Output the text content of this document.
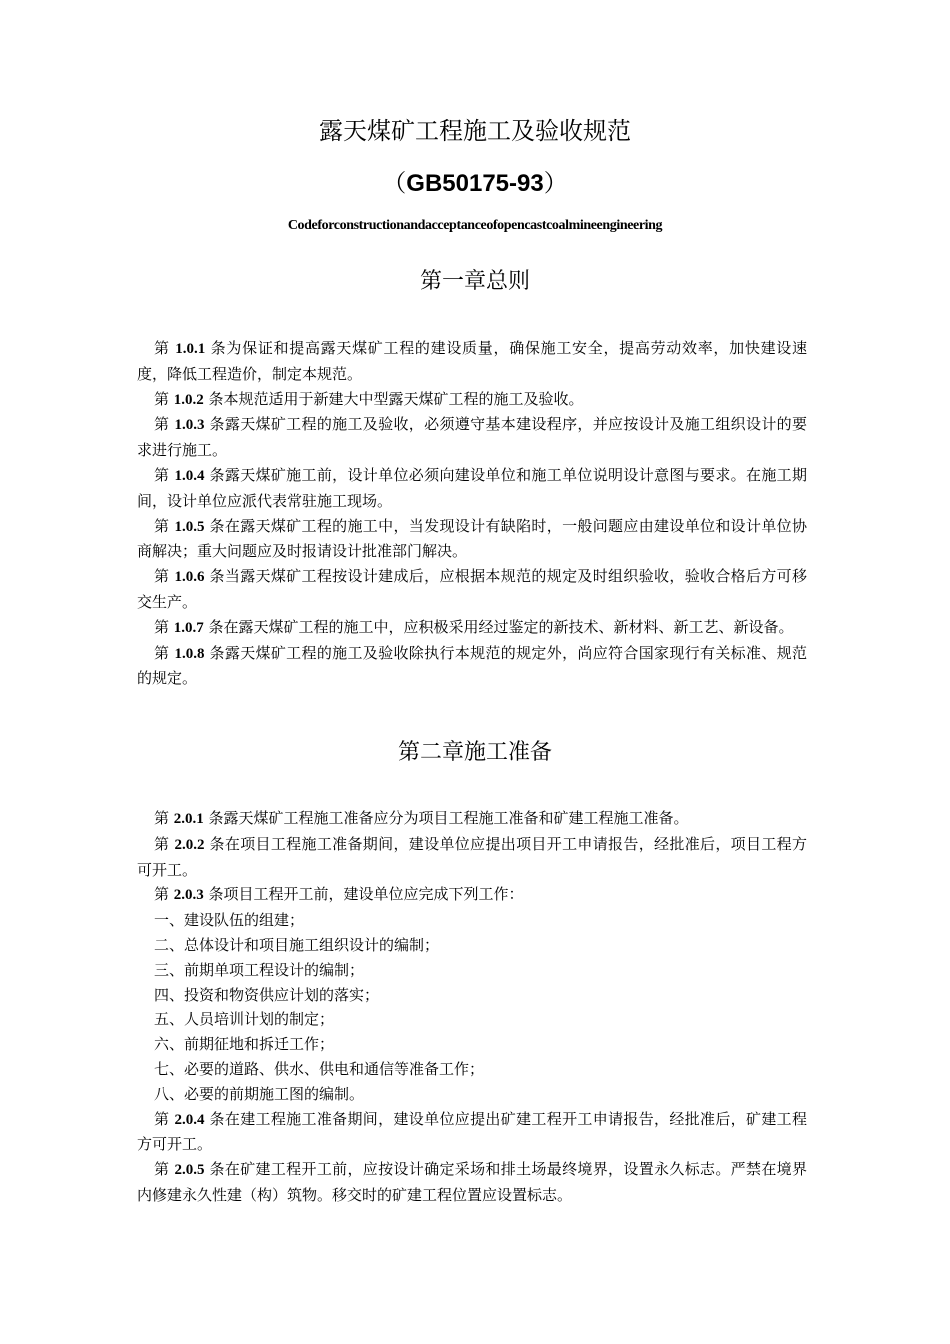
露天煤矿工程施工及验收规范
（GB50175-93）
Codeforconstructionandacceptanceofopencastcoalmineengineering
第一章总则

第 1.0.1 条为保证和提高露天煤矿工程的建设质量，确保施工安全，提高劳动效率，加快建设速度，降低工程造价，制定本规范。

第 1.0.2 条本规范适用于新建大中型露天煤矿工程的施工及验收。

第 1.0.3 条露天煤矿工程的施工及验收，必须遵守基本建设程序，并应按设计及施工组织设计的要求进行施工。

第 1.0.4 条露天煤矿施工前，设计单位必须向建设单位和施工单位说明设计意图与要求。在施工期间，设计单位应派代表常驻施工现场。

第 1.0.5 条在露天煤矿工程的施工中，当发现设计有缺陷时，一般问题应由建设单位和设计单位协商解决；重大问题应及时报请设计批准部门解决。

第 1.0.6 条当露天煤矿工程按设计建成后，应根据本规范的规定及时组织验收，验收合格后方可移交生产。

第 1.0.7 条在露天煤矿工程的施工中，应积极采用经过鉴定的新技术、新材料、新工艺、新设备。

第 1.0.8 条露天煤矿工程的施工及验收除执行本规范的规定外，尚应符合国家现行有关标准、规范的规定。

第二章施工准备

第 2.0.1 条露天煤矿工程施工准备应分为项目工程施工准备和矿建工程施工准备。

第 2.0.2 条在项目工程施工准备期间，建设单位应提出项目开工申请报告，经批准后，项目工程方可开工。

第 2.0.3 条项目工程开工前，建设单位应完成下列工作：

一、建设队伍的组建；

二、总体设计和项目施工组织设计的编制；

三、前期单项工程设计的编制；

四、投资和物资供应计划的落实；

五、人员培训计划的制定；

六、前期征地和拆迁工作；

七、必要的道路、供水、供电和通信等准备工作；

八、必要的前期施工图的编制。

第 2.0.4 条在建工程施工准备期间，建设单位应提出矿建工程开工申请报告，经批准后，矿建工程方可开工。

第 2.0.5 条在矿建工程开工前，应按设计确定采场和排土场最终境界，设置永久标志。严禁在境界内修建永久性建（构）筑物。移交时的矿建工程位置应设置标志。
